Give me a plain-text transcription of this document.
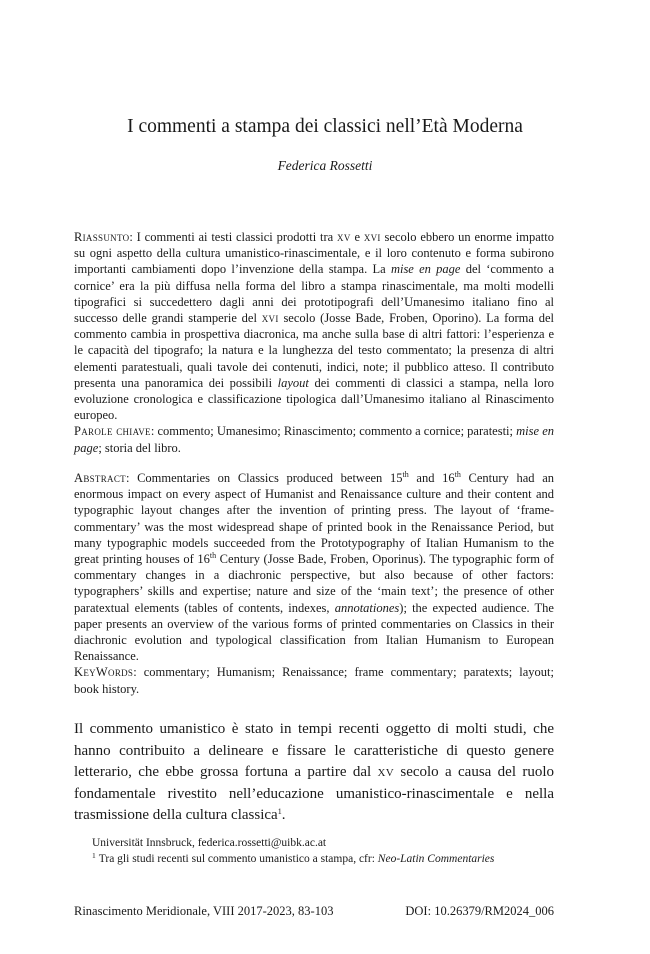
I commenti a stampa dei classici nell’Età Moderna
Federica Rossetti

Riassunto: I commenti ai testi classici prodotti tra xv e xvi secolo ebbero un enorme impatto su ogni aspetto della cultura umanistico-rinascimentale, e il loro contenuto e forma subirono importanti cambiamenti dopo l’invenzione della stampa. La mise en page del ‘commento a cornice’ era la più diffusa nella forma del libro a stampa rinascimentale, ma molti modelli tipografici si succedettero dagli anni dei prototipografi dell’Umanesimo italiano fino al successo delle grandi stamperie del xvi secolo (Josse Bade, Froben, Oporino). La forma del commento cambia in prospettiva diacronica, ma anche sulla base di altri fattori: l’esperienza e le capacità del tipografo; la natura e la lunghezza del testo commentato; la presenza di altri elementi paratestuali, quali tavole dei contenuti, indici, note; il pubblico atteso. Il contributo presenta una panoramica dei possibili layout dei commenti di classici a stampa, nella loro evoluzione cronologica e classificazione tipologica dall’Umanesimo italiano al Rinascimento europeo.

Parole chiave: commento; Umanesimo; Rinascimento; commento a cornice; paratesti; mise en page; storia del libro.

Abstract: Commentaries on Classics produced between 15th and 16th Century had an enormous impact on every aspect of Humanist and Renaissance culture and their content and typographic layout changes after the invention of printing press. The layout of ‘frame-commentary’ was the most widespread shape of printed book in the Renaissance Period, but many typographic models succeeded from the Prototypography of Italian Humanism to the great printing houses of 16th Century (Josse Bade, Froben, Oporinus). The typographic form of commentary changes in a diachronic perspective, but also because of other factors: typographers’ skills and expertise; nature and size of the ‘main text’; the presence of other paratextual elements (tables of contents, indexes, annotationes); the expected audience. The paper presents an overview of the various forms of printed commentaries on Classics in their diachronic evolution and typological classification from Italian Humanism to European Renaissance.

KeyWords: commentary; Humanism; Renaissance; frame commentary; paratexts; layout; book history.

Il commento umanistico è stato in tempi recenti oggetto di molti studi, che hanno contribuito a delineare e fissare le caratteristiche di questo genere letterario, che ebbe grossa fortuna a partire dal xv secolo a causa del ruolo fondamentale rivestito nell’educazione umanistico-rinascimentale e nella trasmissione della cultura classica$^1$.

Universität Innsbruck, federica.rossetti@uibk.ac.at

$^1$ Tra gli studi recenti sul commento umanistico a stampa, cfr: Neo-Latin Commentaries

Rinascimento Meridionale, VIII 2017-2023, 83-103	DOI: 10.26379/RM2024_006
